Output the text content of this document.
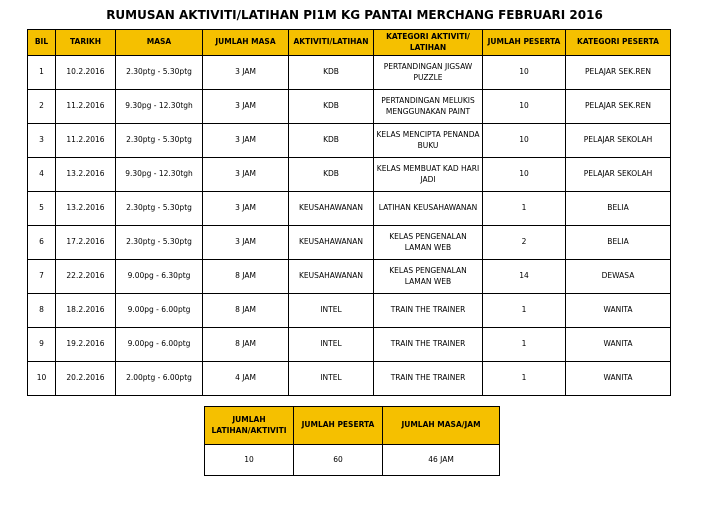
RUMUSAN AKTIVITI/LATIHAN PI1M KG PANTAI MERCHANG FEBRUARI 2016
BIL	TARIKH	MASA	JUMLAH MASA	AKTIVITI/LATIHAN	KATEGORI AKTIVITI/ LATIHAN	JUMLAH PESERTA	KATEGORI PESERTA
1	10.2.2016	2.30ptg - 5.30ptg	3 JAM	KDB	PERTANDINGAN JIGSAW PUZZLE	10	PELAJAR SEK.REN
2	11.2.2016	9.30pg - 12.30tgh	3 JAM	KDB	PERTANDINGAN MELUKIS MENGGUNAKAN PAINT	10	PELAJAR SEK.REN
3	11.2.2016	2.30ptg - 5.30ptg	3 JAM	KDB	KELAS MENCIPTA PENANDA BUKU	10	PELAJAR SEKOLAH
4	13.2.2016	9.30pg - 12.30tgh	3 JAM	KDB	KELAS MEMBUAT KAD HARI JADI	10	PELAJAR SEKOLAH
5	13.2.2016	2.30ptg - 5.30ptg	3 JAM	KEUSAHAWANAN	LATIHAN KEUSAHAWANAN	1	BELIA
6	17.2.2016	2.30ptg - 5.30ptg	3 JAM	KEUSAHAWANAN	KELAS PENGENALAN LAMAN WEB	2	BELIA
7	22.2.2016	9.00pg - 6.30ptg	8 JAM	KEUSAHAWANAN	KELAS PENGENALAN LAMAN WEB	14	DEWASA
8	18.2.2016	9.00pg - 6.00ptg	8 JAM	INTEL	TRAIN THE TRAINER	1	WANITA
9	19.2.2016	9.00pg - 6.00ptg	8 JAM	INTEL	TRAIN THE TRAINER	1	WANITA
10	20.2.2016	2.00ptg - 6.00ptg	4 JAM	INTEL	TRAIN THE TRAINER	1	WANITA
JUMLAH LATIHAN/AKTIVITI	JUMLAH PESERTA	JUMLAH MASA/JAM
10	60	46 JAM
